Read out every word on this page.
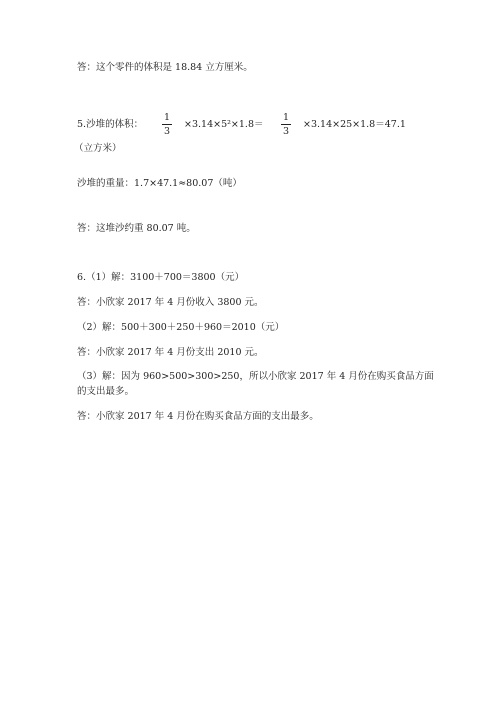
答：这个零件的体积是 18.84 立方厘米。
5.沙堆的体积：
1
3
×3.14×5²×1.8＝
1
3
×3.14×25×1.8＝47.1
（立方米）
沙堆的重量：1.7×47.1≈80.07（吨）
答：这堆沙约重 80.07 吨。
6.（1）解：3100＋700＝3800（元）
答：小欣家 2017 年 4 月份收入 3800 元。
（2）解：500＋300＋250＋960＝2010（元）
答：小欣家 2017 年 4 月份支出 2010 元。
（3）解：因为 960>500>300>250，所以小欣家 2017 年 4 月份在购买食品方面
的支出最多。
答：小欣家 2017 年 4 月份在购买食品方面的支出最多。
